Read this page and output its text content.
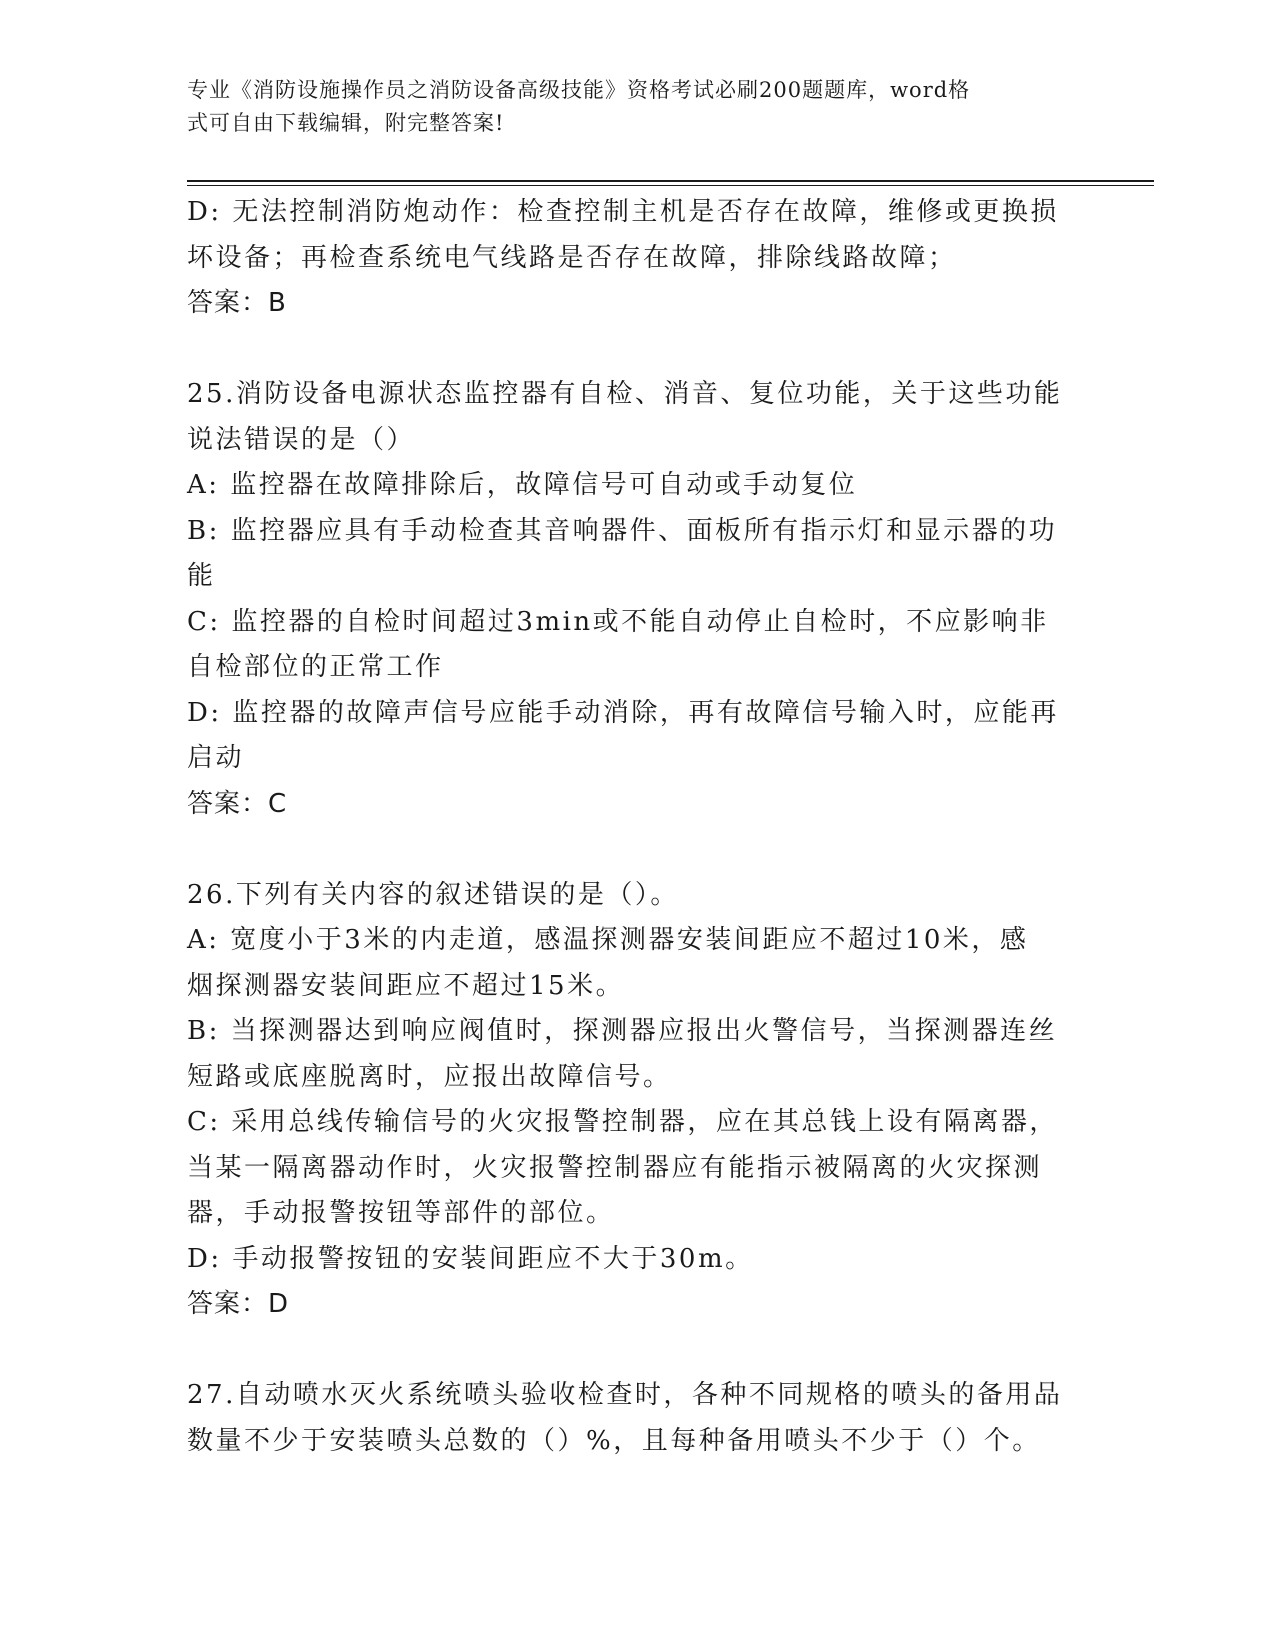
专业《消防设施操作员之消防设备高级技能》资格考试必刷200题题库，word格
式可自由下载编辑，附完整答案!
D: 无法控制消防炮动作：检查控制主机是否存在故障，维修或更换损
坏设备；再检查系统电气线路是否存在故障，排除线路故障；
答案：B
25.消防设备电源状态监控器有自检、消音、复位功能，关于这些功能
说法错误的是（）
A: 监控器在故障排除后，故障信号可自动或手动复位
B: 监控器应具有手动检查其音响器件、面板所有指示灯和显示器的功
能
C: 监控器的自检时间超过3min或不能自动停止自检时，不应影响非
自检部位的正常工作
D: 监控器的故障声信号应能手动消除，再有故障信号输入时，应能再
启动
答案：C
26.下列有关内容的叙述错误的是（）。
A: 宽度小于3米的内走道，感温探测器安装间距应不超过10米，感
烟探测器安装间距应不超过15米。
B: 当探测器达到响应阀值时，探测器应报出火警信号，当探测器连丝
短路或底座脱离时，应报出故障信号。
C: 采用总线传输信号的火灾报警控制器，应在其总钱上设有隔离器，
当某一隔离器动作时，火灾报警控制器应有能指示被隔离的火灾探测
器，手动报警按钮等部件的部位。
D: 手动报警按钮的安装间距应不大于30m。
答案：D
27.自动喷水灭火系统喷头验收检查时，各种不同规格的喷头的备用品
数量不少于安装喷头总数的（）%，且每种备用喷头不少于（）个。
